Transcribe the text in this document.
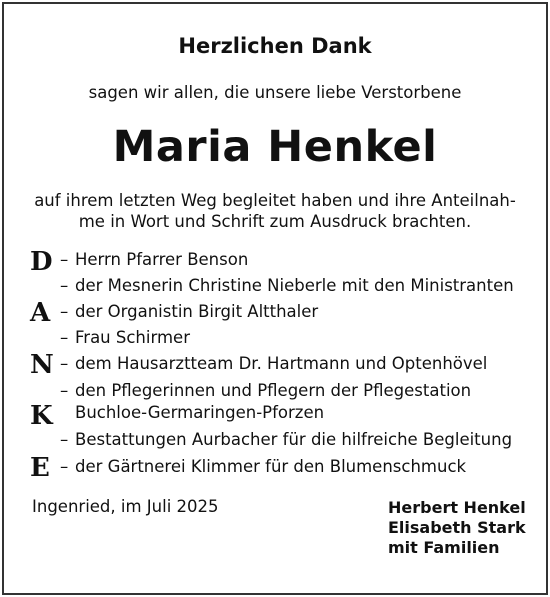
Herzlichen Dank
sagen wir allen, die unsere liebe Verstorbene
Maria Henkel
auf ihrem letzten Weg begleitet haben und ihre Anteilnah-
me in Wort und Schrift zum Ausdruck brachten.
D
A
N
K
E
– Herrn Pfarrer Benson
– der Mesnerin Christine Nieberle mit den Ministranten
– der Organistin Birgit Altthaler
– Frau Schirmer
– dem Hausarztteam Dr. Hartmann und Optenhövel
– den Pflegerinnen und Pflegern der Pflegestation
Buchloe-Germaringen-Pforzen
– Bestattungen Aurbacher für die hilfreiche Begleitung
– der Gärtnerei Klimmer für den Blumenschmuck
Ingenried, im Juli 2025	Herbert Henkel
Elisabeth Stark
mit Familien
